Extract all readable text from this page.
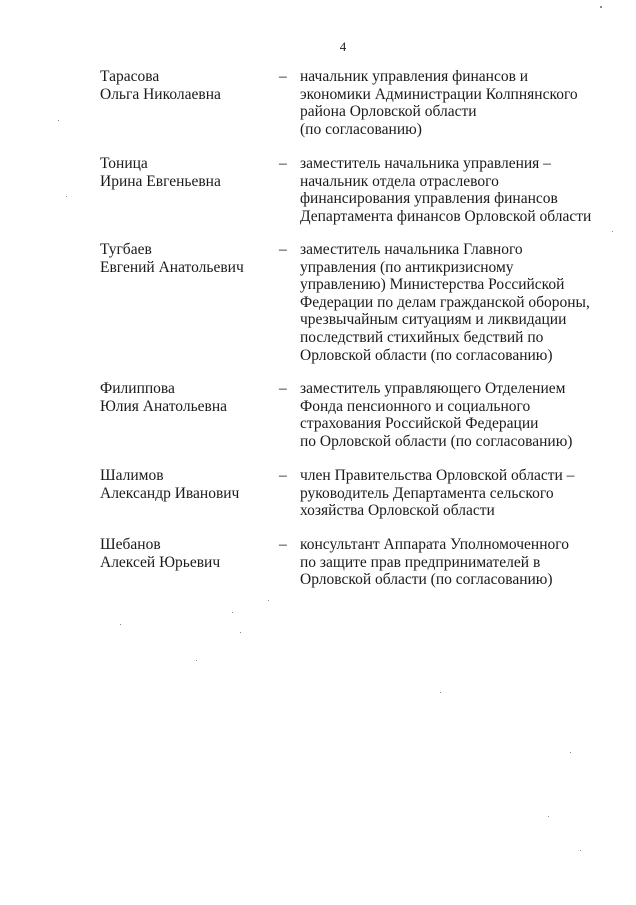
4
Тарасова
Ольга Николаевна
– начальник управления финансов и
экономики Администрации Колпнянского
района Орловской области
(по согласованию)
Тоница
Ирина Евгеньевна
– заместитель начальника управления –
начальник отдела отраслевого
финансирования управления финансов
Департамента финансов Орловской области
Тугбаев
Евгений Анатольевич
– заместитель начальника Главного
управления (по антикризисному
управлению) Министерства Российской
Федерации по делам гражданской обороны,
чрезвычайным ситуациям и ликвидации
последствий стихийных бедствий по
Орловской области (по согласованию)
Филиппова
Юлия Анатольевна
– заместитель управляющего Отделением
Фонда пенсионного и социального
страхования Российской Федерации
по Орловской области (по согласованию)
Шалимов
Александр Иванович
– член Правительства Орловской области –
руководитель Департамента сельского
хозяйства Орловской области
Шебанов
Алексей Юрьевич
– консультант Аппарата Уполномоченного
по защите прав предпринимателей в
Орловской области (по согласованию)
